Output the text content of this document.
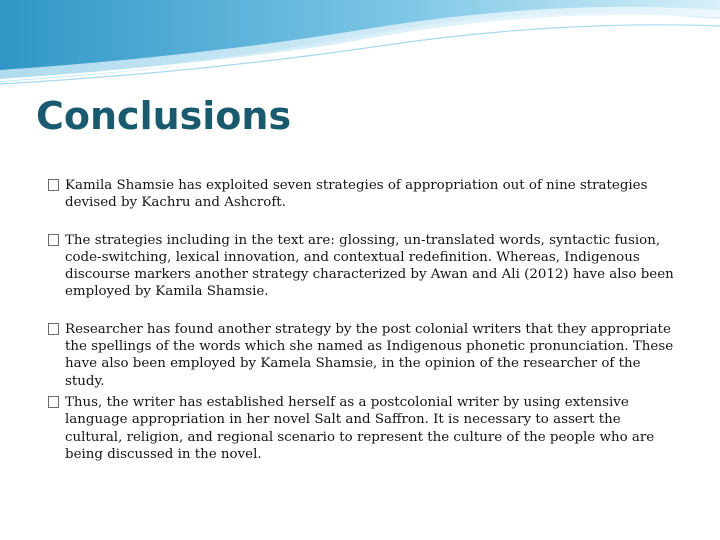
Conclusions
Kamila Shamsie has exploited seven strategies of appropriation out of nine strategies devised by Kachru and Ashcroft.
The strategies including in the text are: glossing, un-translated words, syntactic fusion, code-switching, lexical innovation, and contextual redefinition. Whereas, Indigenous discourse markers another strategy characterized by Awan and Ali (2012) have also been employed by Kamila Shamsie.
Researcher has found another strategy by the post colonial writers that they appropriate the spellings of the words which she named as Indigenous phonetic pronunciation. These have also been employed by Kamela Shamsie, in the opinion of the researcher of the study.
Thus, the writer has established herself as a postcolonial writer by using extensive language appropriation in her novel Salt and Saffron. It is necessary to assert the cultural, religion, and regional scenario to represent the culture of the people who are being discussed in the novel.
